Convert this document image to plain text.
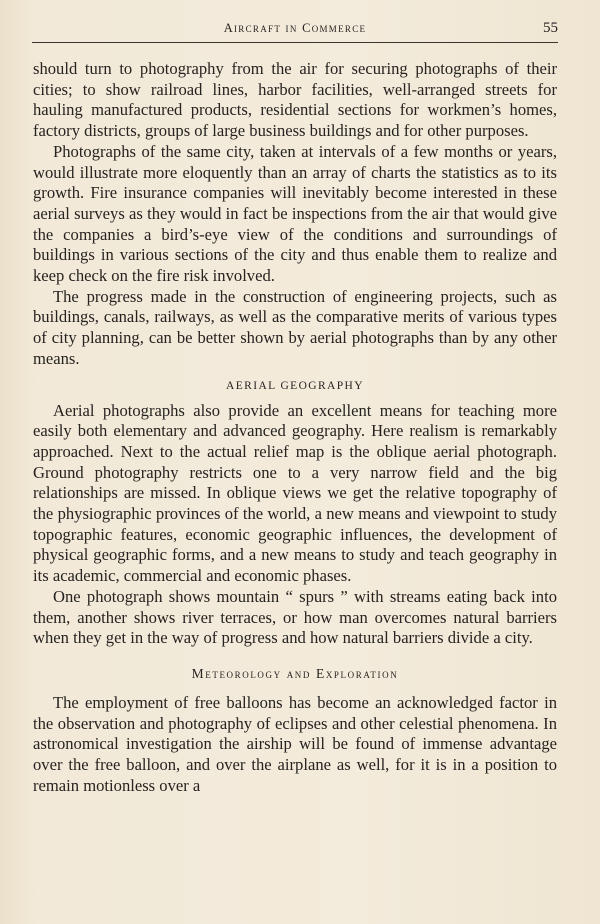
Aircraft in Commerce	55

should turn to photography from the air for securing photographs of their cities; to show railroad lines, harbor facilities, well-arranged streets for hauling manufactured products, residential sections for workmen’s homes, factory districts, groups of large business buildings and for other purposes.

Photographs of the same city, taken at intervals of a few months or years, would illustrate more eloquently than an array of charts the statistics as to its growth. Fire insurance companies will inevitably become interested in these aerial surveys as they would in fact be inspections from the air that would give the companies a bird’s-eye view of the conditions and surroundings of buildings in various sections of the city and thus enable them to realize and keep check on the fire risk involved.

The progress made in the construction of engineering projects, such as buildings, canals, railways, as well as the comparative merits of various types of city planning, can be better shown by aerial photographs than by any other means.

AERIAL GEOGRAPHY

Aerial photographs also provide an excellent means for teaching more easily both elementary and advanced geography. Here realism is remarkably approached. Next to the actual relief map is the oblique aerial photograph. Ground photography restricts one to a very narrow field and the big relationships are missed. In oblique views we get the relative topography of the physiographic provinces of the world, a new means and viewpoint to study topographic features, economic geographic influences, the development of physical geographic forms, and a new means to study and teach geography in its academic, commercial and economic phases.

One photograph shows mountain “ spurs ” with streams eating back into them, another shows river terraces, or how man overcomes natural barriers when they get in the way of progress and how natural barriers divide a city.

Meteorology and Exploration

The employment of free balloons has become an acknowledged factor in the observation and photography of eclipses and other celestial phenomena. In astronomical investigation the airship will be found of immense advantage over the free balloon, and over the airplane as well, for it is in a position to remain motionless over a
